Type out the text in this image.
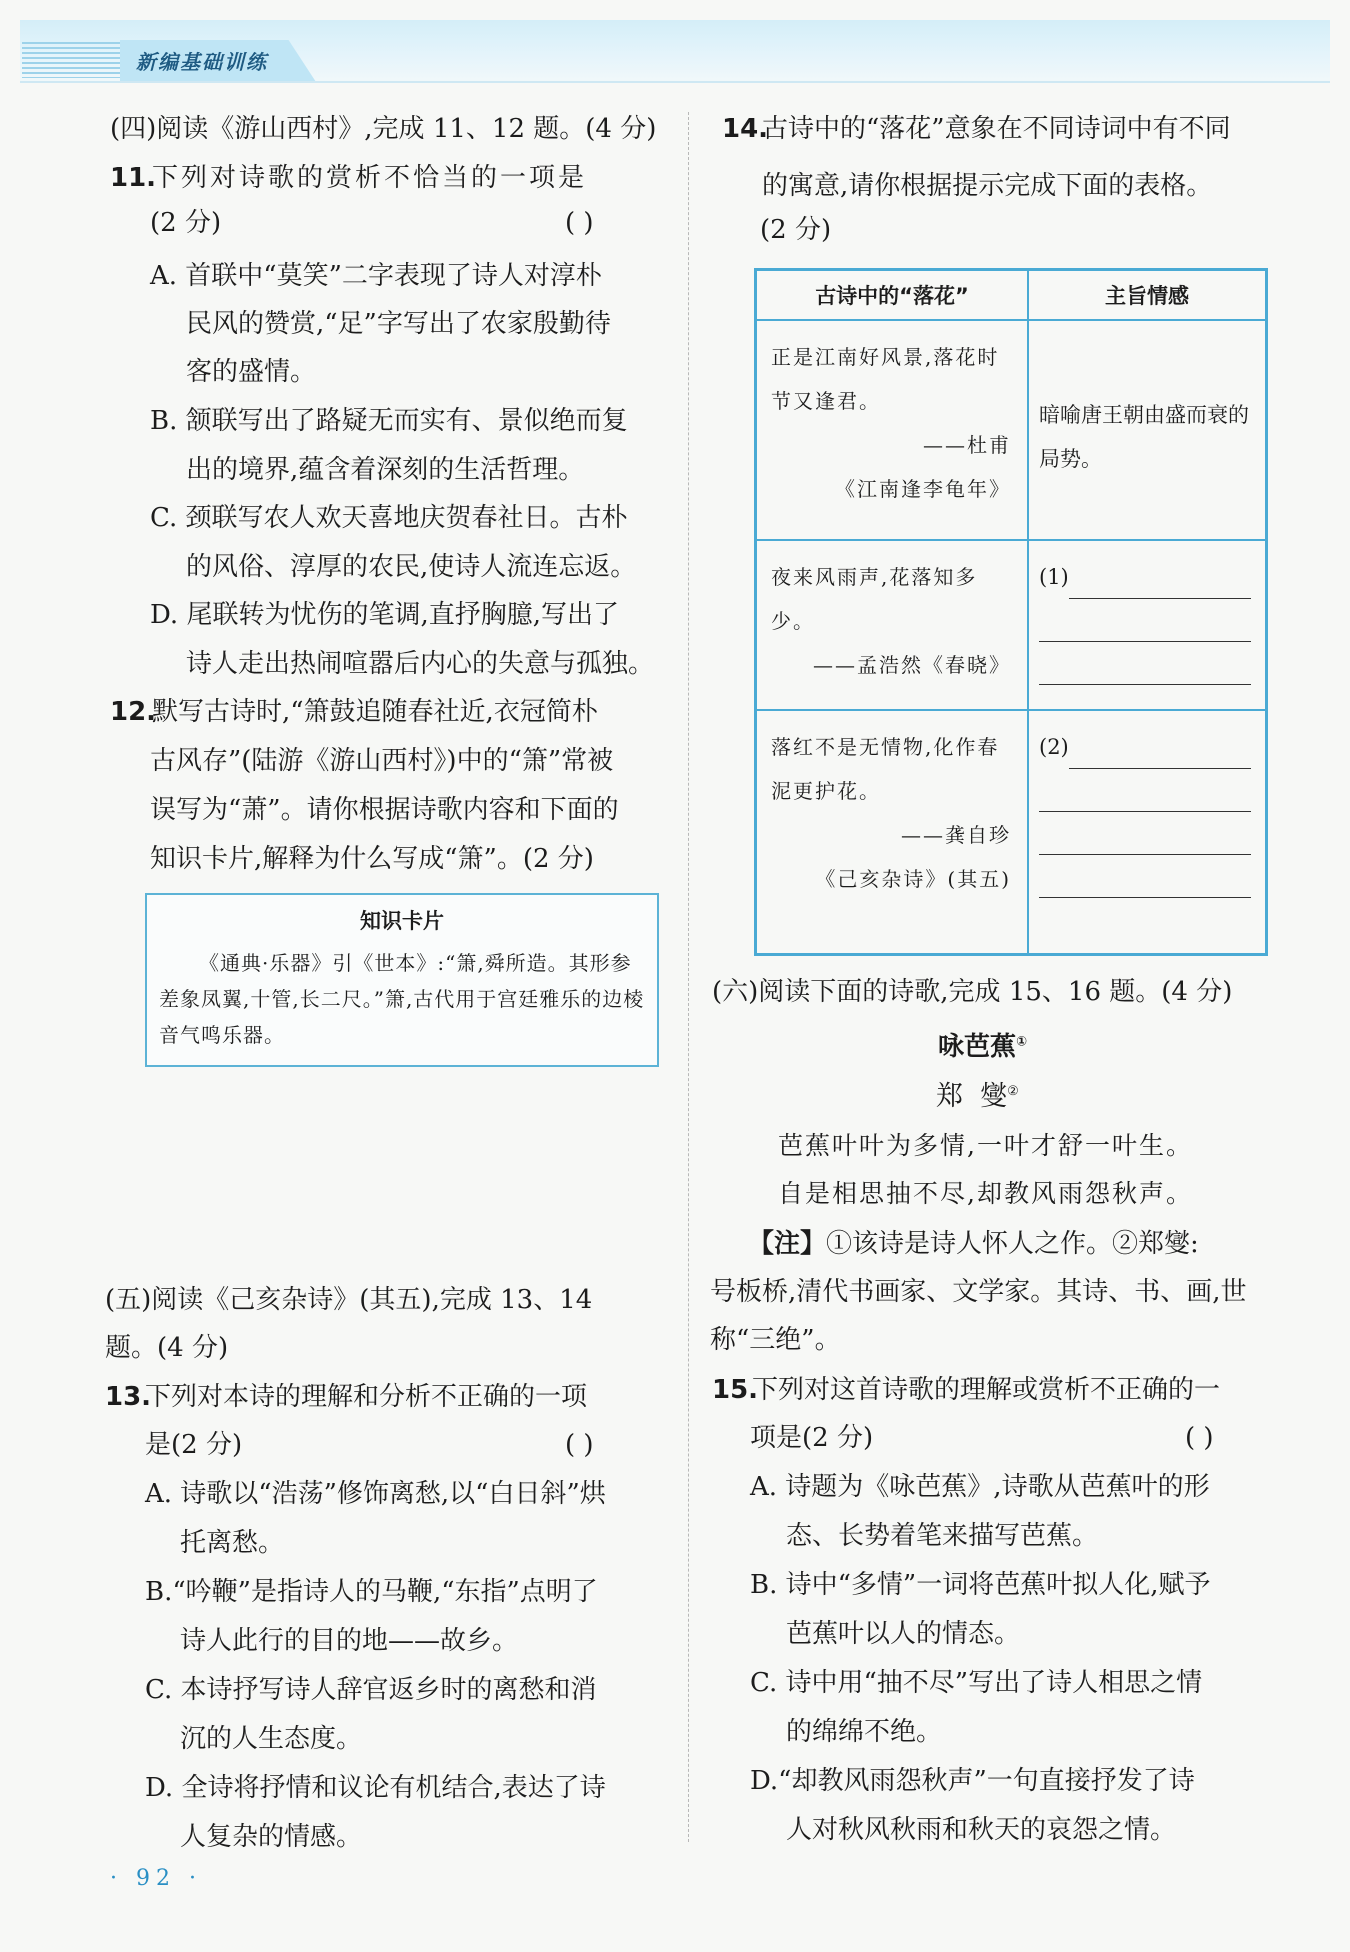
新编基础训练
(四)阅读《游山西村》,完成 11、12 题。(4 分)
11.
下列对诗歌的赏析不恰当的一项是
(2 分)	( )
A. 首联中“莫笑”二字表现了诗人对淳朴
民风的赞赏,“足”字写出了农家殷勤待
客的盛情。
B. 颔联写出了路疑无而实有、景似绝而复
出的境界,蕴含着深刻的生活哲理。
C. 颈联写农人欢天喜地庆贺春社日。古朴
的风俗、淳厚的农民,使诗人流连忘返。
D. 尾联转为忧伤的笔调,直抒胸臆,写出了
诗人走出热闹喧嚣后内心的失意与孤独。
12.
默写古诗时,“箫鼓追随春社近,衣冠简朴
古风存”(陆游《游山西村》)中的“箫”常被
误写为“萧”。请你根据诗歌内容和下面的
知识卡片,解释为什么写成“箫”。(2 分)
知识卡片
《通典·乐器》引《世本》:“箫,舜所造。其形参差象凤翼,十管,长二尺。”箫,古代用于宫廷雅乐的边棱音气鸣乐器。
(五)阅读《己亥杂诗》(其五),完成 13、14
题。(4 分)
13.
下列对本诗的理解和分析不正确的一项
是(2 分)	( )
A. 诗歌以“浩荡”修饰离愁,以“白日斜”烘
托离愁。
B.“吟鞭”是指诗人的马鞭,“东指”点明了
诗人此行的目的地——故乡。
C. 本诗抒写诗人辞官返乡时的离愁和消
沉的人生态度。
D. 全诗将抒情和议论有机结合,表达了诗
人复杂的情感。
14.
古诗中的“落花”意象在不同诗词中有不同
的寓意,请你根据提示完成下面的表格。
(2 分)
古诗中的“落花”	主旨情感

正是江南好风景,落花时节又逢君。
——杜甫
《江南逢李龟年》	暗喻唐王朝由盛而衰的局势。

夜来风雨声,花落知多少。
——孟浩然《春晓》	(1)

落红不是无情物,化作春泥更护花。
——龚自珍
《己亥杂诗》(其五)	(2)
(六)阅读下面的诗歌,完成 15、16 题。(4 分)
咏芭蕉①
郑  燮②
芭蕉叶叶为多情,一叶才舒一叶生。
自是相思抽不尽,却教风雨怨秋声。
【注】①该诗是诗人怀人之作。②郑燮:
号板桥,清代书画家、文学家。其诗、书、画,世
称“三绝”。
15.
下列对这首诗歌的理解或赏析不正确的一
项是(2 分)	( )
A. 诗题为《咏芭蕉》,诗歌从芭蕉叶的形
态、长势着笔来描写芭蕉。
B. 诗中“多情”一词将芭蕉叶拟人化,赋予
芭蕉叶以人的情态。
C. 诗中用“抽不尽”写出了诗人相思之情
的绵绵不绝。
D.“却教风雨怨秋声”一句直接抒发了诗
人对秋风秋雨和秋天的哀怨之情。
· 92 ·
